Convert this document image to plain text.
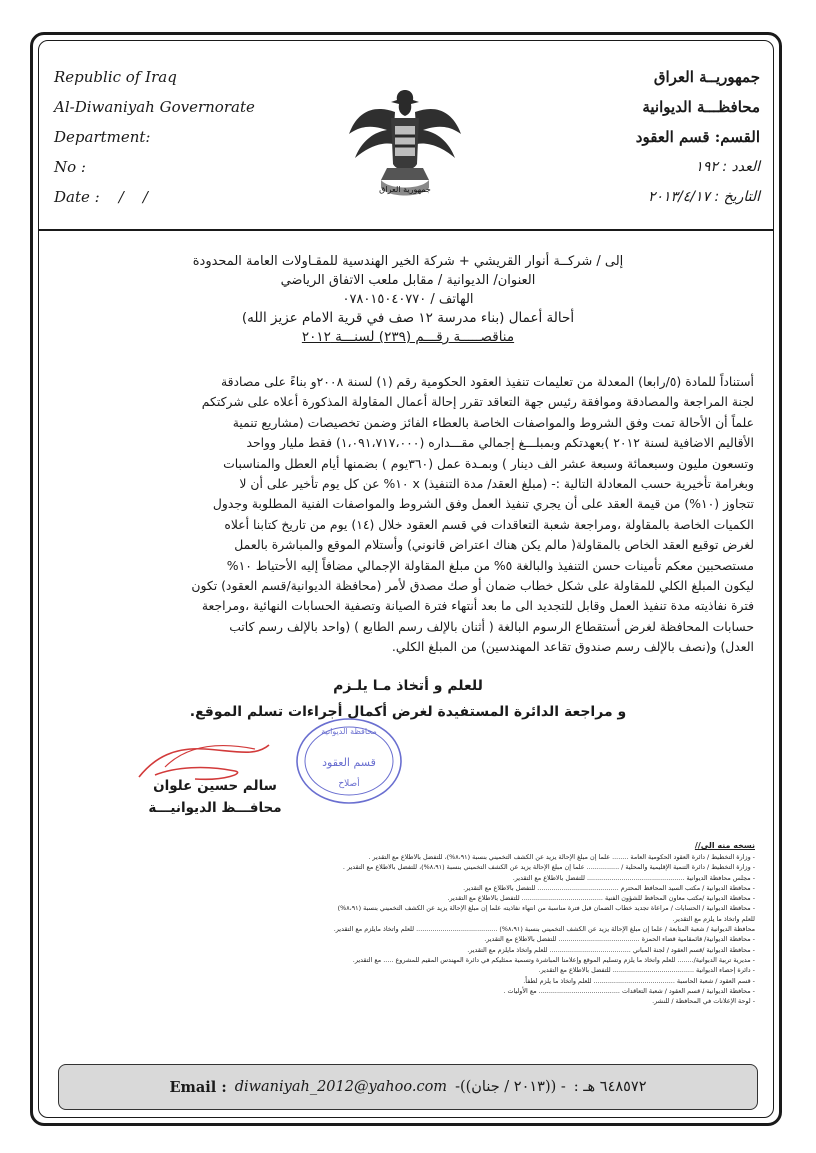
Republic of Iraq
Al-Diwaniyah Governorate
Department:
No :
Date :    /    /	جمهورية العراق
جمهوريــة العراق
محافظـــة الديوانية
القسم: قسم العقود
العدد : ١٩٢
التاريخ : ٢٠١٣/٤/١٧
إلى / شركــة أنوار القريشي + شركة الخير الهندسية للمقـاولات العامة المحدودة
العنوان/ الديوانية / مقابل ملعب الاتفاق الرياضي
الهاتف / ٠٧٨٠١٥٠٤٠٧٧٠
أحالة أعمال (بناء مدرسة ١٢ صف في قرية الامام عزيز الله)
مناقصـــــة رقـــم (٢٣٩) لسنـــة ٢٠١٢
أستناداً للمادة (٥/رابعا) المعدلة من تعليمات تنفيذ العقود الحكومية رقم (١) لسنة ٢٠٠٨و بناءً على مصادقة
لجنة المراجعة والمصادقة وموافقة رئيس جهة التعاقد تقرر إحالة أعمال المقاولة المذكورة أعلاه على شركتكم
علماً أن الأحالة تمت وفق الشروط والمواصفات الخاصة بالعطاء الفائز وضمن تخصيصات (مشاريع تنمية
الأقاليم الاضافية لسنة ٢٠١٢ )بعهدتكم وبمبلـــغ إجمالي مقـــداره (١،٠٩١،٧١٧،٠٠٠) فقط مليار وواحد
وتسعون مليون وسبعمائة وسبعة عشر الف دينار ) وبمـدة عمل (٣٦٠يوم ) بضمنها أيام العطل والمناسبات
وبغرامة تأخيرية حسب المعادلة التالية :- (مبلغ العقد/ مدة التنفيذ) x ١٠% عن كل يوم تأخير على أن لا
تتجاوز (١٠%) من قيمة العقد على أن يجري تنفيذ العمل وفق الشروط والمواصفات الفنية المطلوبة وجدول
الكميات الخاصة بالمقاولة ،ومراجعة شعبة التعاقدات في قسم العقود خلال (١٤) يوم من تاريخ كتابنا أعلاه
لغرض توقيع العقد الخاص بالمقاولة( مالم يكن هناك اعتراض قانوني) وأستلام الموقع والمباشرة بالعمل
مستصحبين معكم تأمينات حسن التنفيذ والبالغة ٥% من مبلغ المقاولة الإجمالي مضافاً إليه الأحتياط ١٠%
ليكون المبلغ الكلي للمقاولة على شكل خطاب ضمان أو صك مصدق لأمر (محافظة الديوانية/قسم العقود) تكون
فترة نفاذيته مدة تنفيذ العمل وقابل للتجديد الى ما بعد أنتهاء فترة الصيانة وتصفية الحسابات النهائية ،ومراجعة
حسابات المحافظة لغرض أستقطاع الرسوم البالغة ( أثنان بالإلف رسم الطابع ) (واحد بالإلف رسم كاتب
العدل) و(نصف بالإلف رسم صندوق تقاعد المهندسين) من المبلغ الكلي.
للعلم و أتخاذ مـا يلـزم
و مراجعة الدائرة المستفيدة لغرض أكمال أجراءات تسلم الموقع.
محافظة الديوانية
قسم العقود
أصلاح
سالم حسين علوان
محافـــظ الديوانيـــة
نسخه منه الى//
- وزارة التخطيط / دائرة العقود الحكومية العامة ........ علما إن مبلغ الإحالة يزيد عن الكشف التخميني بنسبة (٨،٩١%)، للتفضل بالاطلاع مع التقدير .
- وزارة التخطيط / دائرة التنمية الإقليمية والمحلية / ................ علما إن مبلغ الإحالة يزيد عن الكشف التخميني بنسبة (٨،٩١%)، للتفضل بالاطلاع مع التقدير .
- مجلس محافظة الديوانية ................................................ للتفضل بالاطلاع مع التقدير.
- محافظة الديوانية / مكتب السيد المحافظ المحترم ........................................ للتفضل بالاطلاع مع التقدير.
- محافظة الديوانية /مكتب معاون المحافظ للشؤون الفنية ........................................ للتفضل بالاطلاع مع التقدير.
- محافظة الديوانية / الحسابات / مراعاة تجديد خطاب الضمان قبل فترة مناسبة من انتهاء نفاذيته علما إن مبلغ الإحالة يزيد عن الكشف التخميني بنسبة (٨،٩١%)
للعلم واتخاذ ما يلزم مع التقدير.
محافظة الديوانية / شعبة المتابعة / علما إن مبلغ الإحالة يزيد عن الكشف التخميني بنسبة (٨،٩١%) ........................................ للعلم واتخاذ مايلزم مع التقدير.
- محافظة الديوانية/ قائمقامية قضاء الحمزة ........................................ للتفضل بالاطلاع مع التقدير.
- محافظة الديوانية /قسم العقود / لجنة المباني ........................................ للعلم واتخاذ مايلزم مع التقدير.
- مديرية تربية الديوانية/........ للعلم واتخاذ ما يلزم وتسليم الموقع وإعلامنا المباشرة وتسمية ممثليكم في دائرة المهندس المقيم للمشروع ..... مع التقدير.
- دائرة إحصاء الديوانية ........................................ للتفضل بالاطلاع مع التقدير.
- قسم العقود / شعبة الحاسبة ........................................ للعلم واتخاذ ما يلزم لطفاً.
- محافظة الديوانية / قسم العقود / شعبة التعاقدات ........................................ مع الأوليات .
- لوحة الإعلانات في المحافظة / للنشر.
Email : diwaniyah_2012@yahoo.com - ((٢٠١٣ / جنان))- ٦٤٨٥٧٢ هـ :
